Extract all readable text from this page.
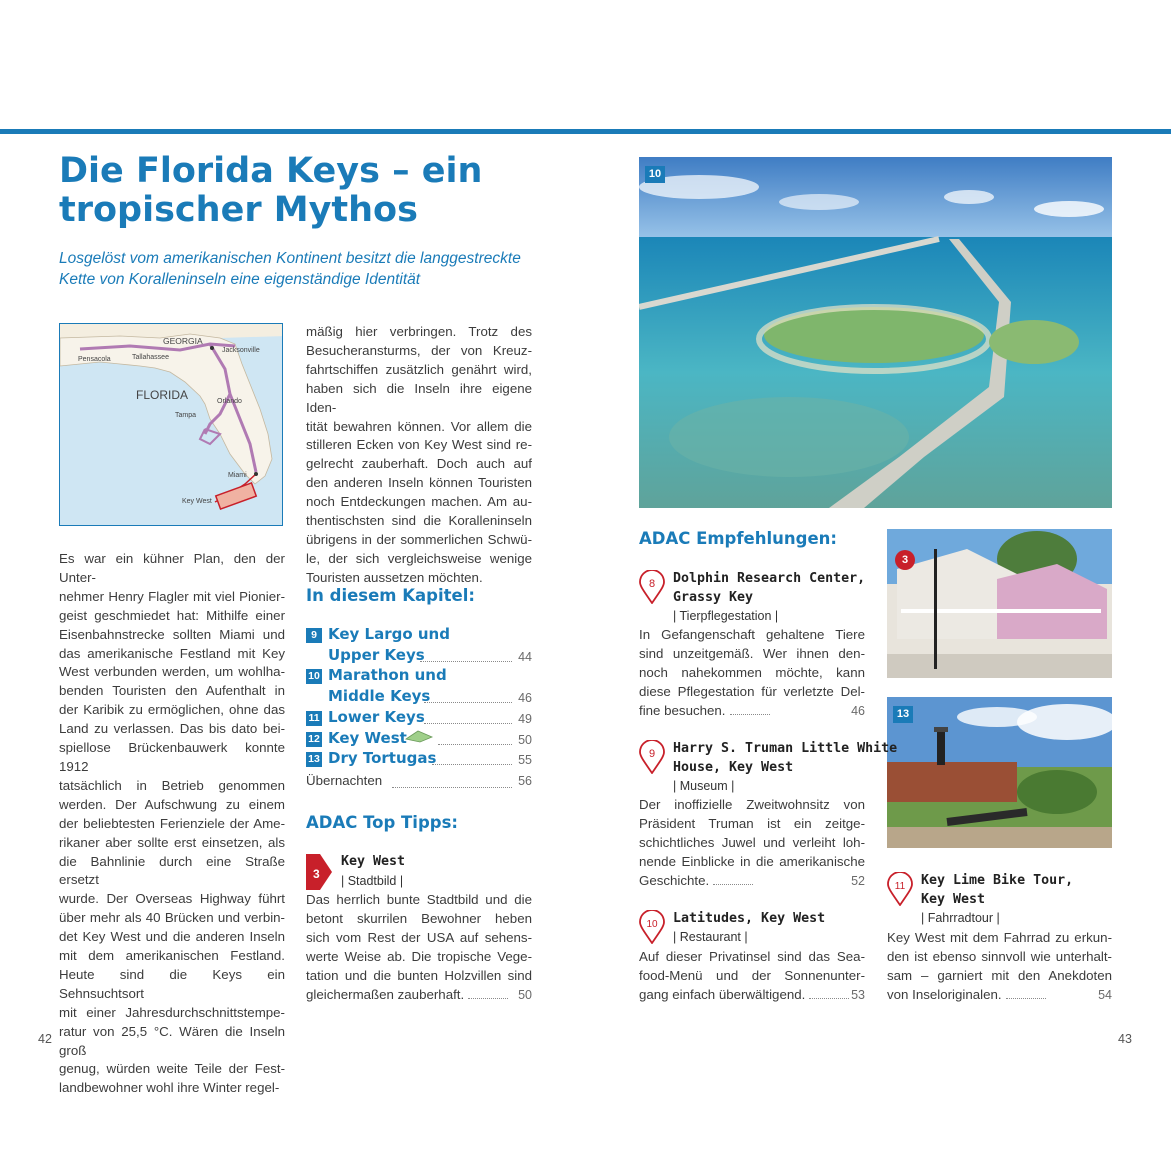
Die Florida Keys – ein
tropischer Mythos

Losgelöst vom amerikanischen Kontinent besitzt die langgestreckte
Kette von Koralleninseln eine eigenständige Identität

FLORIDA
GEORGIA
Pensacola	Tallahassee
Jacksonville
Orlando
Tampa
Miami
Key West
Es war ein kühner Plan, den der Unter-
nehmer Henry Flagler mit viel Pionier-
geist geschmiedet hat: Mithilfe einer
Eisenbahnstrecke sollten Miami und
das amerikanische Festland mit Key
West verbunden werden, um wohlha-
benden Touristen den Aufenthalt in
der Karibik zu ermöglichen, ohne das
Land zu verlassen. Das bis dato bei-
spiellose Brückenbauwerk konnte 1912
tatsächlich in Betrieb genommen
werden. Der Aufschwung zu einem
der beliebtesten Ferienziele der Ame-
rikaner aber sollte erst einsetzen, als
die Bahnlinie durch eine Straße ersetzt
wurde. Der Overseas Highway führt
über mehr als 40 Brücken und verbin-
det Key West und die anderen Inseln
mit dem amerikanischen Festland.
Heute sind die Keys ein Sehnsuchtsort
mit einer Jahresdurchschnittstempe-
ratur von 25,5 °C. Wären die Inseln groß
genug, würden weite Teile der Fest-
landbewohner wohl ihre Winter regel-
mäßig hier verbringen. Trotz des
Besucheransturms, der von Kreuz-
fahrtschiffen zusätzlich genährt wird,
haben sich die Inseln ihre eigene Iden-
tität bewahren können. Vor allem die
stilleren Ecken von Key West sind re-
gelrecht zauberhaft. Doch auch auf
den anderen Inseln können Touristen
noch Entdeckungen machen. Am au-
thentischsten sind die Koralleninseln
übrigens in der sommerlichen Schwü-
le, der sich vergleichsweise wenige
Touristen aussetzen möchten.
In diesem Kapitel:
9 Key Largo und
Upper Keys	44
10 Marathon und
Middle Keys	46
11 Lower Keys	49
12 Key West	50
13 Dry Tortugas	55
Übernachten	56
ADAC Top Tipps:
3

Key West

| Stadtbild |

Das herrlich bunte Stadtbild und die
betont skurrilen Bewohner heben
sich vom Rest der USA auf sehens-
werte Weise ab. Die tropische Vege-
tation und die bunten Holzvillen sind
gleichermaßen zauberhaft.	50
10
ADAC Empfehlungen:
3
13
8 Dolphin Research Center,

Grassy Key

| Tierpflegestation |

In Gefangenschaft gehaltene Tiere
sind unzeitgemäß. Wer ihnen den-
noch nahekommen möchte, kann
diese Pflegestation für verletzte Del-
fine besuchen.	46
9 Harry S. Truman Little White

House, Key West

| Museum |

Der inoffizielle Zweitwohnsitz von
Präsident Truman ist ein zeitge-
schichtliches Juwel und verleiht loh-
nende Einblicke in die amerikanische
Geschichte.	52
10 Latitudes, Key West

| Restaurant |

Auf dieser Privatinsel sind das Sea-
food-Menü und der Sonnenunter-
gang einfach überwältigend.	53
11 Key Lime Bike Tour,

Key West

| Fahrradtour |

Key West mit dem Fahrrad zu erkun-
den ist ebenso sinnvoll wie unterhalt-
sam – garniert mit den Anekdoten
von Inseloriginalen.	54
42	43
